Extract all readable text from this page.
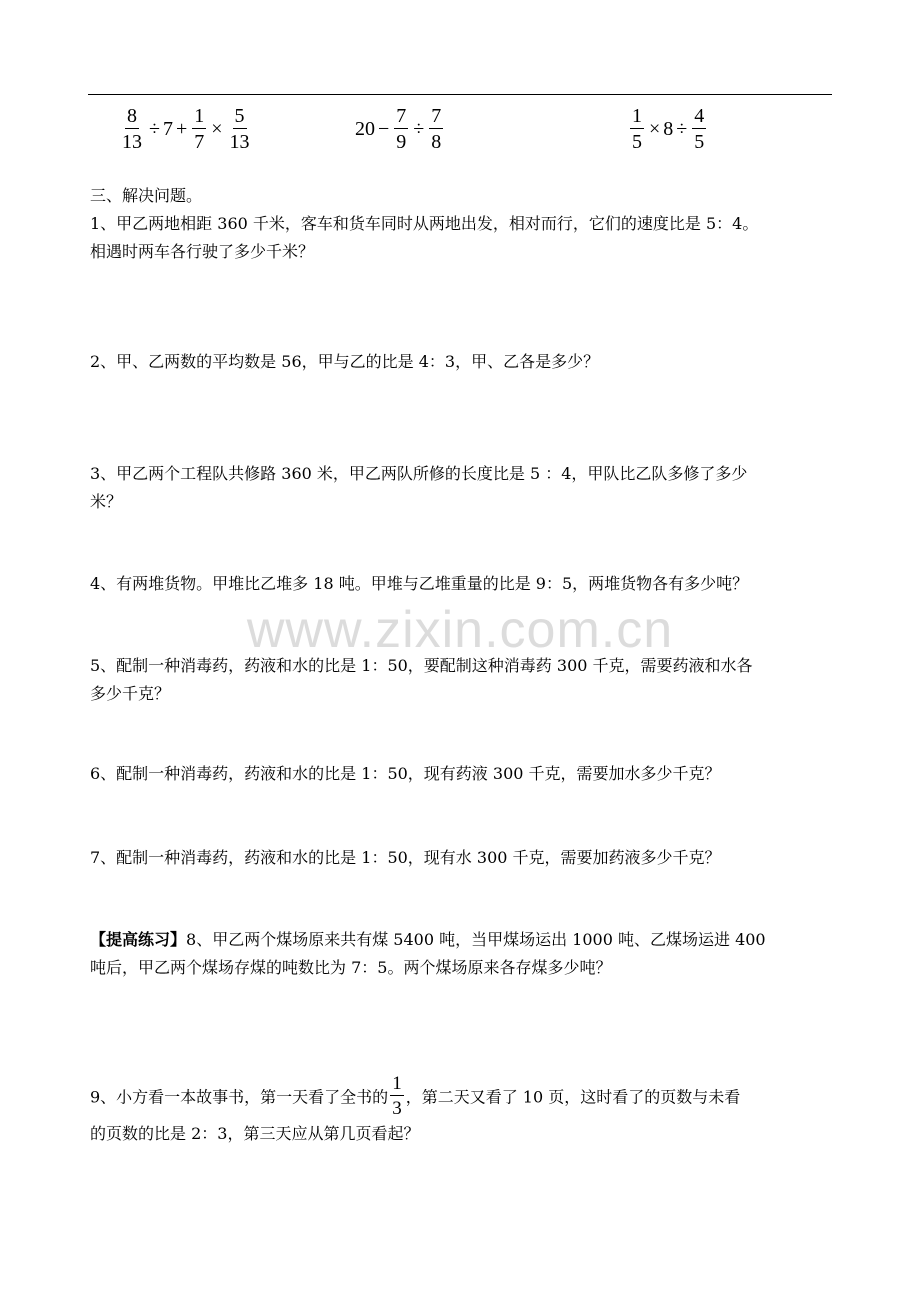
$\frac{8}{13} \div 7 + \frac{1}{7} \times \frac{5}{13}$	$20 - \frac{7}{9} \div \frac{7}{8}$	$\frac{1}{5} \times 8 \div \frac{4}{5}$
三、解决问题。
1、甲乙两地相距 360 千米，客车和货车同时从两地出发，相对而行，它们的速度比是 5：4。
相遇时两车各行驶了多少千米？
2、甲、乙两数的平均数是 56，甲与乙的比是 4：3，甲、乙各是多少？
3、甲乙两个工程队共修路 360 米，甲乙两队所修的长度比是 5 ：4，甲队比乙队多修了多少
米？
4、有两堆货物。甲堆比乙堆多 18 吨。甲堆与乙堆重量的比是 9：5，两堆货物各有多少吨？
www.zixin.com.cn
5、配制一种消毒药，药液和水的比是 1：50，要配制这种消毒药 300 千克，需要药液和水各
多少千克？
6、配制一种消毒药，药液和水的比是 1：50，现有药液 300 千克，需要加水多少千克？
7、配制一种消毒药，药液和水的比是 1：50，现有水 300 千克，需要加药液多少千克？
【提高练习】8、甲乙两个煤场原来共有煤 5400 吨，当甲煤场运出 1000 吨、乙煤场运进 400
吨后，甲乙两个煤场存煤的吨数比为 7：5。两个煤场原来各存煤多少吨？
9、小方看一本故事书，第一天看了全书的 $\frac{1}{3}$ ，第二天又看了 10 页，这时看了的页数与未看
的页数的比是 2：3，第三天应从第几页看起？
